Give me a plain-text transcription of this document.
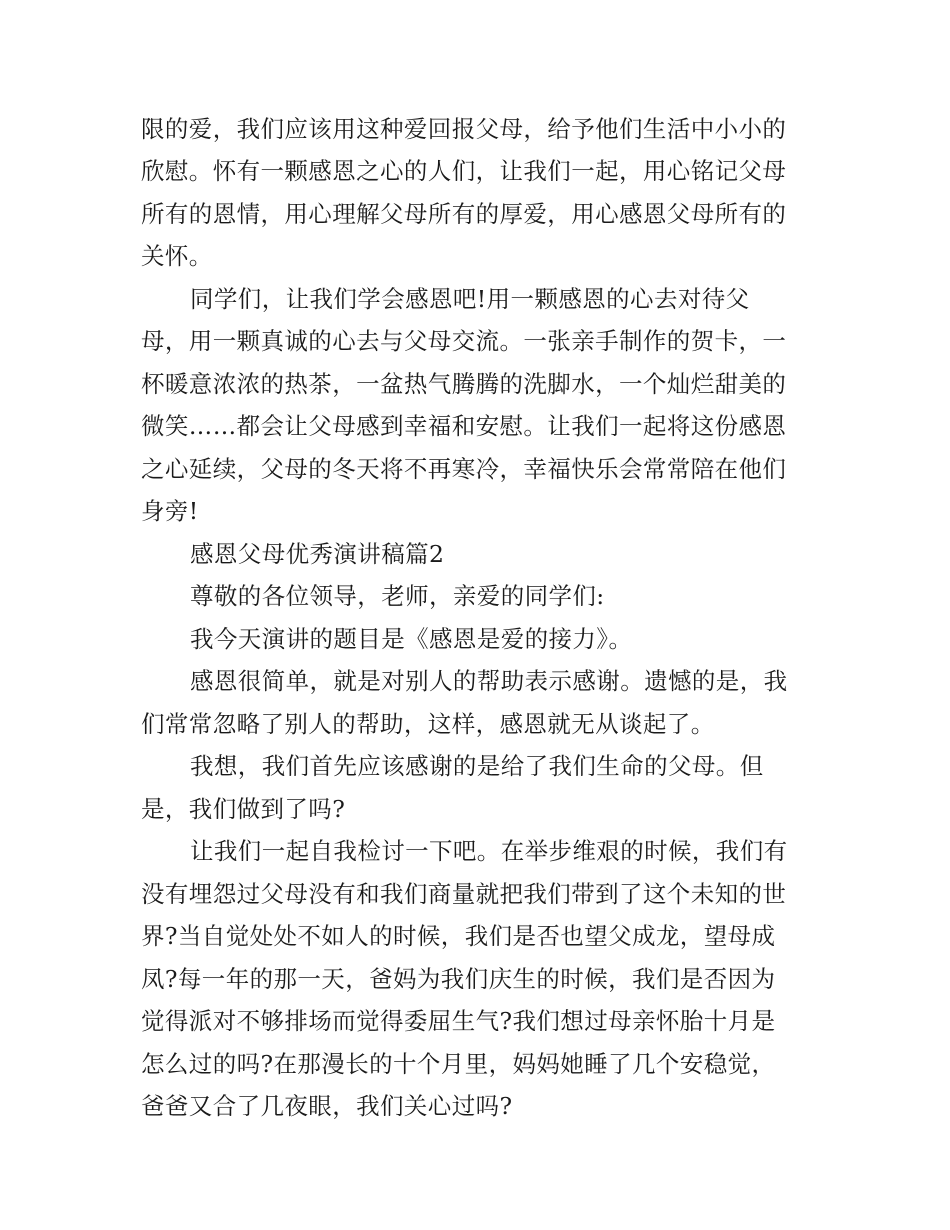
限的爱，我们应该用这种爱回报父母，给予他们生活中小小的
欣慰。怀有一颗感恩之心的人们，让我们一起，用心铭记父母
所有的恩情，用心理解父母所有的厚爱，用心感恩父母所有的
关怀。
同学们，让我们学会感恩吧!用一颗感恩的心去对待父
母，用一颗真诚的心去与父母交流。一张亲手制作的贺卡，一
杯暖意浓浓的热茶，一盆热气腾腾的洗脚水，一个灿烂甜美的
微笑……都会让父母感到幸福和安慰。让我们一起将这份感恩
之心延续，父母的冬天将不再寒冷，幸福快乐会常常陪在他们
身旁!
感恩父母优秀演讲稿篇2
尊敬的各位领导，老师，亲爱的同学们:
我今天演讲的题目是《感恩是爱的接力》。
感恩很简单，就是对别人的帮助表示感谢。遗憾的是，我
们常常忽略了别人的帮助，这样，感恩就无从谈起了。
我想，我们首先应该感谢的是给了我们生命的父母。但
是，我们做到了吗?
让我们一起自我检讨一下吧。在举步维艰的时候，我们有
没有埋怨过父母没有和我们商量就把我们带到了这个未知的世
界?当自觉处处不如人的时候，我们是否也望父成龙，望母成
凤?每一年的那一天，爸妈为我们庆生的时候，我们是否因为
觉得派对不够排场而觉得委屈生气?我们想过母亲怀胎十月是
怎么过的吗?在那漫长的十个月里，妈妈她睡了几个安稳觉，
爸爸又合了几夜眼，我们关心过吗?
